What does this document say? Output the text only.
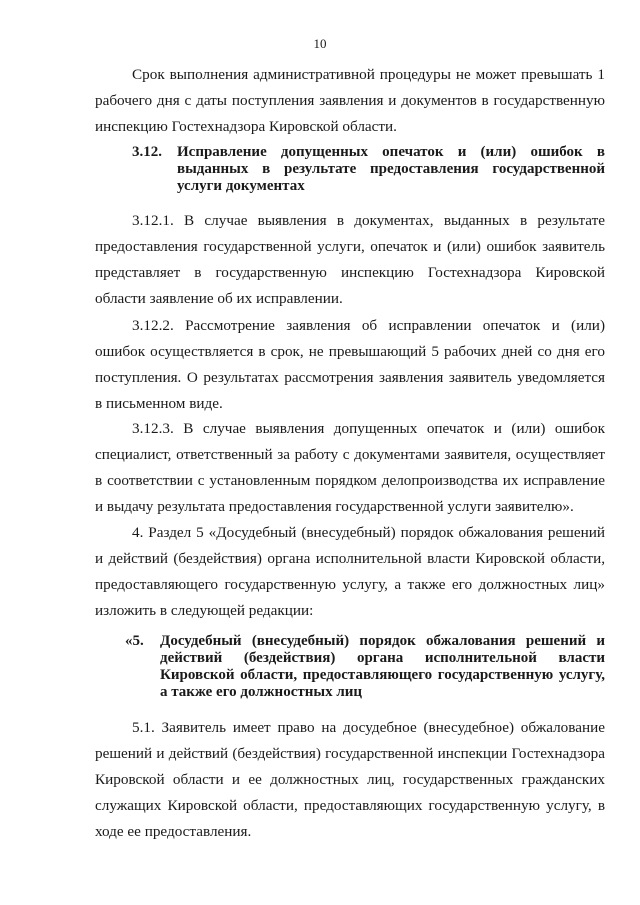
10
Срок выполнения административной процедуры не может превышать 1 рабочего дня с даты поступления заявления и документов в государственную инспекцию Гостехнадзора Кировской области.
3.12. Исправление допущенных опечаток и (или) ошибок в выданных в результате предоставления государственной услуги документах
3.12.1. В случае выявления в документах, выданных в результате предоставления государственной услуги, опечаток и (или) ошибок заявитель представляет в государственную инспекцию Гостехнадзора Кировской области заявление об их исправлении.
3.12.2. Рассмотрение заявления об исправлении опечаток и (или) ошибок осуществляется в срок, не превышающий 5 рабочих дней со дня его поступления. О результатах рассмотрения заявления заявитель уведомляется в письменном виде.
3.12.3. В случае выявления допущенных опечаток и (или) ошибок специалист, ответственный за работу с документами заявителя, осуществляет в соответствии с установленным порядком делопроизводства их исправление и выдачу результата предоставления государственной услуги заявителю».
4. Раздел 5 «Досудебный (внесудебный) порядок обжалования решений и действий (бездействия) органа исполнительной власти Кировской области, предоставляющего государственную услугу, а также его должностных лиц» изложить в следующей редакции:
«5. Досудебный (внесудебный) порядок обжалования решений и действий (бездействия) органа исполнительной власти Кировской области, предоставляющего государственную услугу, а также его должностных лиц
5.1. Заявитель имеет право на досудебное (внесудебное) обжалование решений и действий (бездействия) государственной инспекции Гостехнадзора Кировской области и ее должностных лиц, государственных гражданских служащих Кировской области, предоставляющих государственную услугу, в ходе ее предоставления.
